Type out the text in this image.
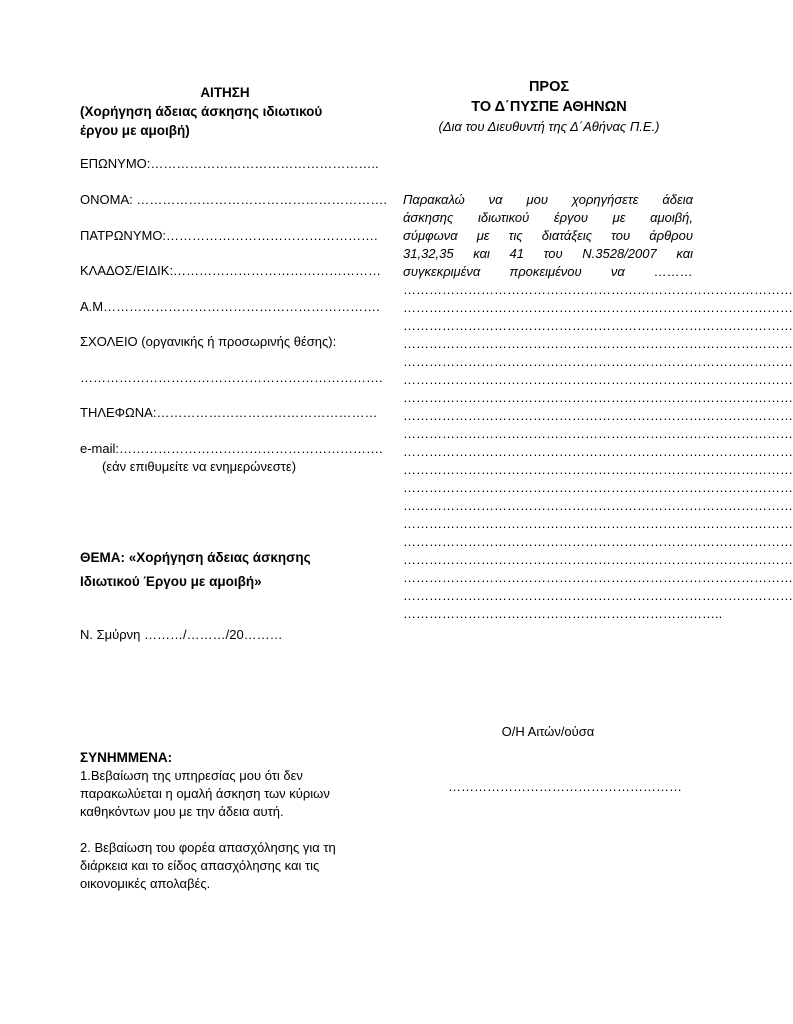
ΑΙΤΗΣΗ
(Χορήγηση άδειας άσκησης ιδιωτικού
έργου με αμοιβή)
ΕΠΩΝΥΜΟ:……………………………………………..
ΟΝΟΜΑ: ………………………………………………….
ΠΑΤΡΩΝΥΜΟ:………………………………………….
ΚΛΑΔΟΣ/ΕΙΔΙΚ:…………………………………………
Α.Μ……………………………………………………….
ΣΧΟΛΕΙΟ (οργανικής ή προσωρινής θέσης):
…………………………………………………………….
ΤΗΛΕΦΩΝΑ:……………………………………………
e-mail:…………………………………………………….
(εάν επιθυμείτε να ενημερώνεστε)
ΘΕΜΑ: «Χορήγηση άδειας άσκησης
Ιδιωτικού Έργου με αμοιβή»
Ν. Σμύρνη ………/………/20………

ΣΥΝΗΜΜΕΝΑ:

1.Βεβαίωση της υπηρεσίας μου ότι δεν παρακωλύεται η ομαλή άσκηση των κύριων καθηκόντων μου με την άδεια αυτή.

2. Βεβαίωση του φορέα απασχόλησης για τη διάρκεια και το είδος απασχόλησης και τις οικονομικές απολαβές.

ΠΡΟΣ
ΤΟ Δ΄ΠΥΣΠΕ ΑΘΗΝΩΝ
(Δια του Διευθυντή της Δ΄Αθήνας Π.Ε.)
Παρακαλώ να μου χορηγήσετε άδεια
άσκησης ιδιωτικού έργου με αμοιβή,
σύμφωνα με τις διατάξεις του άρθρου
31,32,35 και 41 του Ν.3528/2007 και
συγκεκριμένα προκειμένου να ………
………………………………………………………………………………
………………………………………………………………………………
………………………………………………………………………………
………………………………………………………………………………
………………………………………………………………………………
………………………………………………………………………………
………………………………………………………………………………
………………………………………………………………………………
………………………………………………………………………………
………………………………………………………………………………
………………………………………………………………………………
………………………………………………………………………………
………………………………………………………………………………
………………………………………………………………………………
………………………………………………………………………………
………………………………………………………………………………
………………………………………………………………………………
………………………………………………………………………………
………………………………………………………………..
Ο/Η Αιτών/ούσα
………………………………………………
